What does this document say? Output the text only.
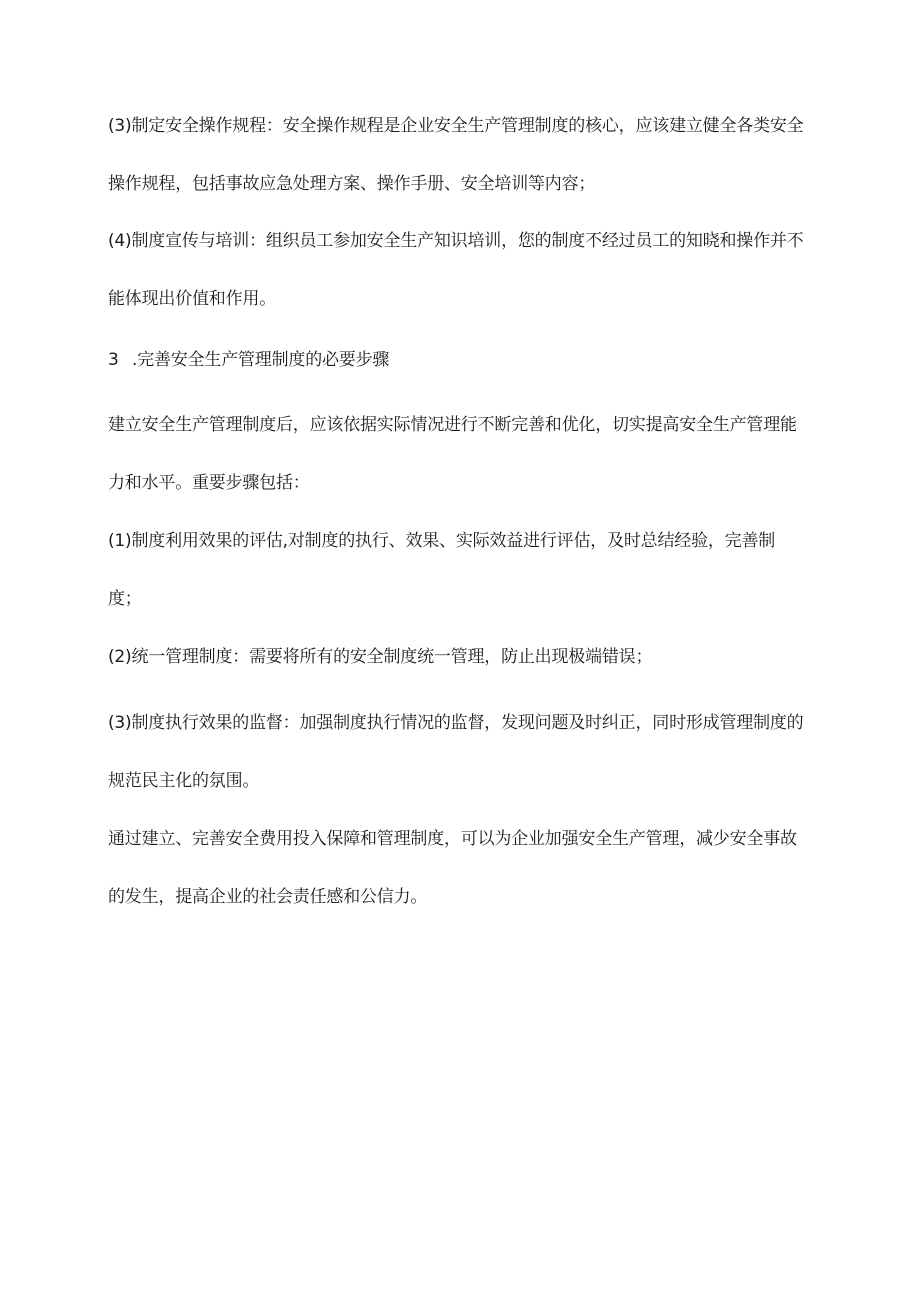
(3)制定安全操作规程：安全操作规程是企业安全生产管理制度的核心，应该建立健全各类安全
操作规程，包括事故应急处理方案、操作手册、安全培训等内容；

(4)制度宣传与培训：组织员工参加安全生产知识培训，您的制度不经过员工的知晓和操作并不
能体现出价值和作用。

3 .完善安全生产管理制度的必要步骤

建立安全生产管理制度后，应该依据实际情况进行不断完善和优化，切实提高安全生产管理能
力和水平。重要步骤包括：

(1)制度利用效果的评估,对制度的执行、效果、实际效益进行评估，及时总结经验，完善制
度；

(2)统一管理制度：需要将所有的安全制度统一管理，防止出现极端错误；

(3)制度执行效果的监督：加强制度执行情况的监督，发现问题及时纠正，同时形成管理制度的
规范民主化的氛围。

通过建立、完善安全费用投入保障和管理制度，可以为企业加强安全生产管理，减少安全事故
的发生，提高企业的社会责任感和公信力。
